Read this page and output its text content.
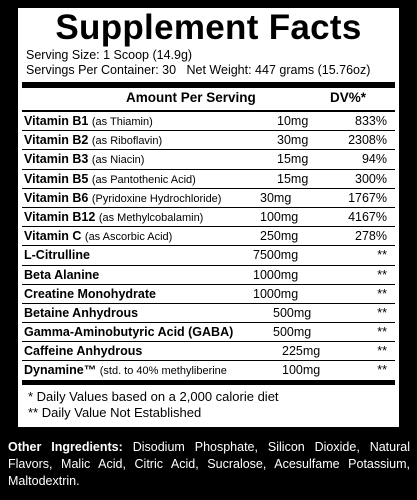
Supplement Facts
Serving Size: 1 Scoop (14.9g)
Servings Per Container: 30   Net Weight: 447 grams (15.76oz)
Amount Per Serving	DV%*
Vitamin B1 (as Thiamin)	10mg	833%
Vitamin B2 (as Riboflavin)	30mg	2308%
Vitamin B3 (as Niacin)	15mg	94%
Vitamin B5 (as Pantothenic Acid)	15mg	300%
Vitamin B6 (Pyridoxine Hydrochloride)	30mg	1767%
Vitamin B12 (as Methylcobalamin)	100mg	4167%
Vitamin C (as Ascorbic Acid)	250mg	278%
L-Citrulline	7500mg	**
Beta Alanine	1000mg	**
Creatine Monohydrate	1000mg	**
Betaine Anhydrous	500mg	**
Gamma-Aminobutyric Acid (GABA)	500mg	**
Caffeine Anhydrous	225mg	**
Dynamine™ (std. to 40% methyliberine	100mg	**
* Daily Values based on a 2,000 calorie diet
** Daily Value Not Established
Other Ingredients: Disodium Phosphate, Silicon Dioxide, Natural Flavors, Malic Acid, Citric Acid, Sucralose, Acesulfame Potassium, Maltodextrin.
